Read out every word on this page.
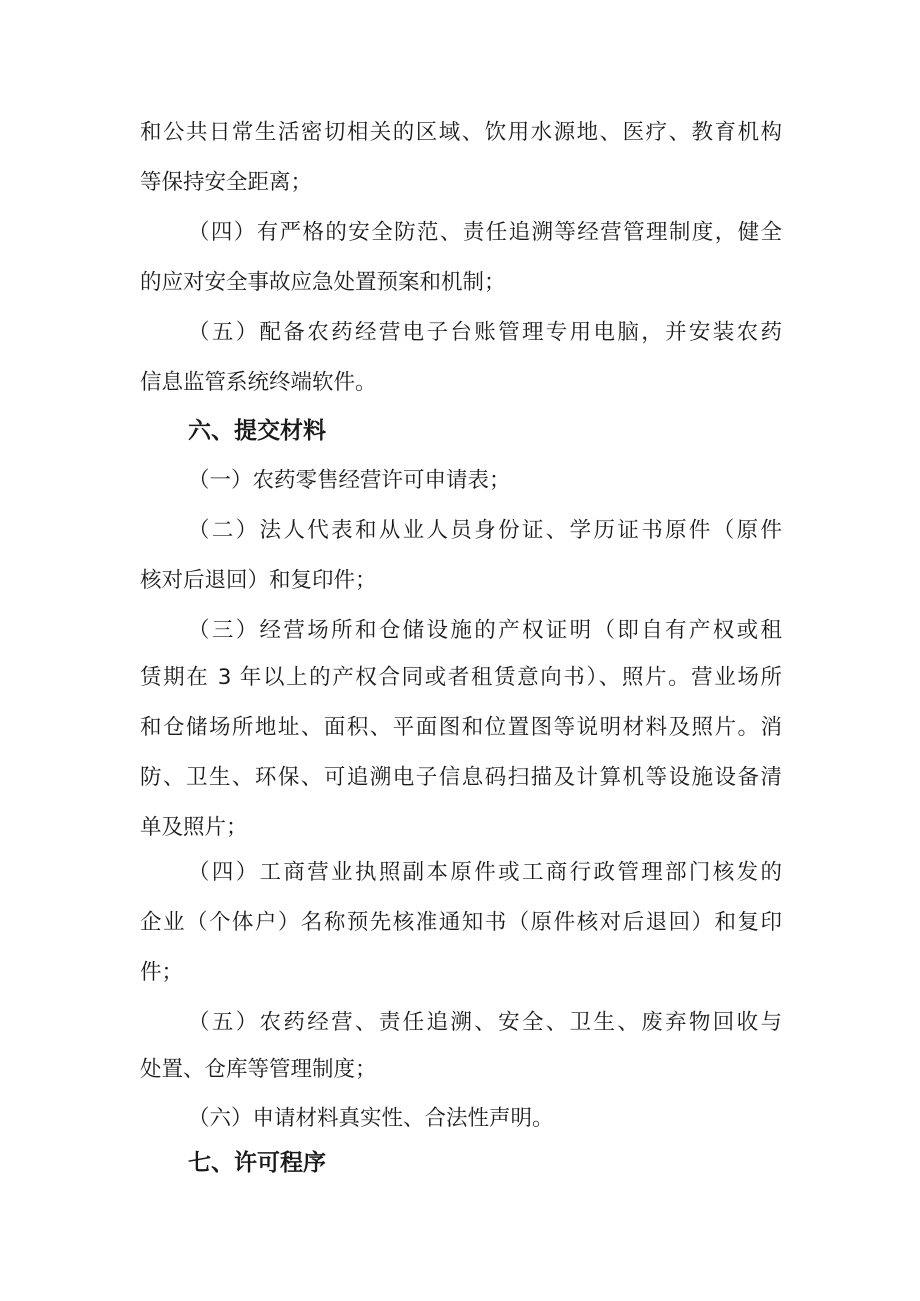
和公共日常生活密切相关的区域、饮用水源地、医疗、教育机构
等保持安全距离；
（四）有严格的安全防范、责任追溯等经营管理制度，健全
的应对安全事故应急处置预案和机制；
（五）配备农药经营电子台账管理专用电脑，并安装农药
信息监管系统终端软件。
六、提交材料
（一）农药零售经营许可申请表；
（二）法人代表和从业人员身份证、学历证书原件（原件
核对后退回）和复印件；
（三）经营场所和仓储设施的产权证明（即自有产权或租
赁期在 3 年以上的产权合同或者租赁意向书）、照片。营业场所
和仓储场所地址、面积、平面图和位置图等说明材料及照片。消
防、卫生、环保、可追溯电子信息码扫描及计算机等设施设备清
单及照片；
（四）工商营业执照副本原件或工商行政管理部门核发的
企业（个体户）名称预先核准通知书（原件核对后退回）和复印
件；
（五）农药经营、责任追溯、安全、卫生、废弃物回收与
处置、仓库等管理制度；
（六）申请材料真实性、合法性声明。
七、许可程序
